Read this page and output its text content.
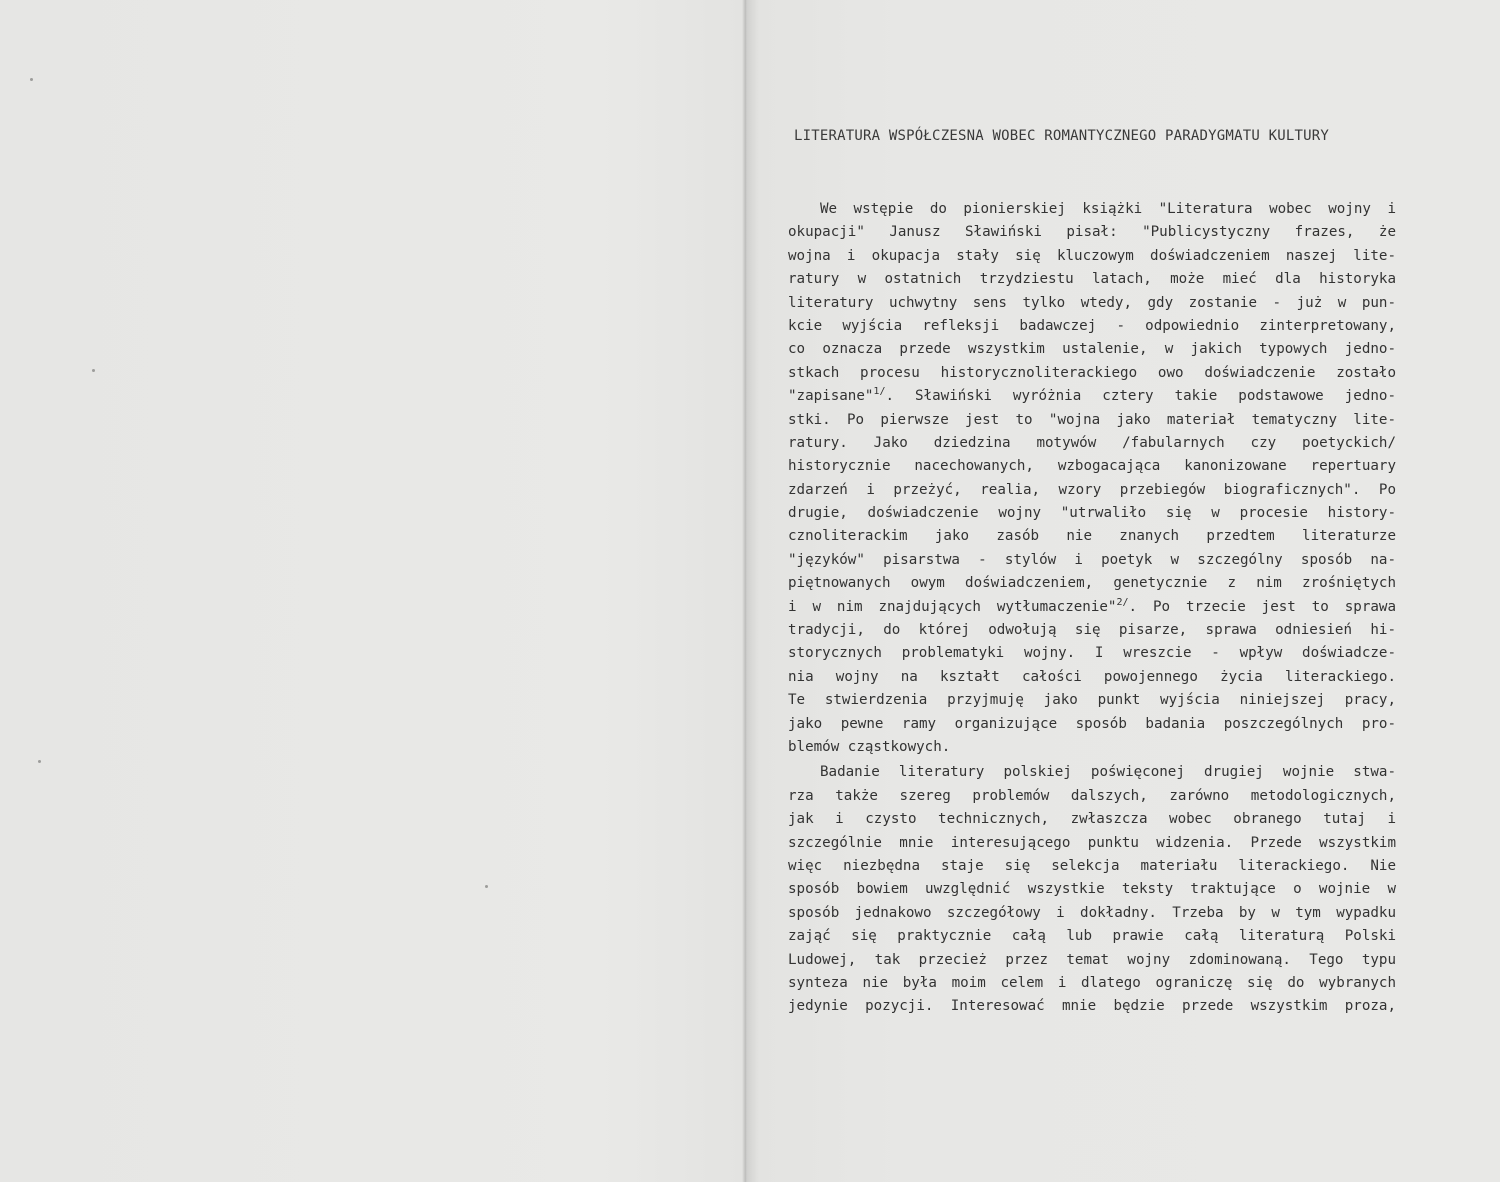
LITERATURA WSPÓŁCZESNA WOBEC ROMANTYCZNEGO PARADYGMATU KULTURY
We wstępie do pionierskiej książki "Literatura wobec wojny i
okupacji" Janusz Sławiński pisał: "Publicystyczny frazes, że
wojna i okupacja stały się kluczowym doświadczeniem naszej lite-
ratury w ostatnich trzydziestu latach, może mieć dla historyka
literatury uchwytny sens tylko wtedy, gdy zostanie - już w pun-
kcie wyjścia refleksji badawczej - odpowiednio zinterpretowany,
co oznacza przede wszystkim ustalenie, w jakich typowych jedno-
stkach procesu historycznoliterackiego owo doświadczenie zostało
"zapisane"$^{1/}$. Sławiński wyróżnia cztery takie podstawowe jedno-
stki. Po pierwsze jest to "wojna jako materiał tematyczny lite-
ratury. Jako dziedzina motywów /fabularnych czy poetyckich/
historycznie nacechowanych, wzbogacająca kanonizowane repertuary
zdarzeń i przeżyć, realia, wzory przebiegów biograficznych". Po
drugie, doświadczenie wojny "utrwaliło się w procesie history-
cznoliterackim jako zasób nie znanych przedtem literaturze
"języków" pisarstwa - stylów i poetyk w szczególny sposób na-
piętnowanych owym doświadczeniem, genetycznie z nim zrośniętych
i w nim znajdujących wytłumaczenie"$^{2/}$. Po trzecie jest to sprawa
tradycji, do której odwołują się pisarze, sprawa odniesień hi-
storycznych problematyki wojny. I wreszcie - wpływ doświadcze-
nia wojny na kształt całości powojennego życia literackiego.
Te stwierdzenia przyjmuję jako punkt wyjścia niniejszej pracy,
jako pewne ramy organizujące sposób badania poszczególnych pro-
blemów cząstkowych.
Badanie literatury polskiej poświęconej drugiej wojnie stwa-
rza także szereg problemów dalszych, zarówno metodologicznych,
jak i czysto technicznych, zwłaszcza wobec obranego tutaj i
szczególnie mnie interesującego punktu widzenia. Przede wszystkim
więc niezbędna staje się selekcja materiału literackiego. Nie
sposób bowiem uwzględnić wszystkie teksty traktujące o wojnie w
sposób jednakowo szczegółowy i dokładny. Trzeba by w tym wypadku
zająć się praktycznie całą lub prawie całą literaturą Polski
Ludowej, tak przecież przez temat wojny zdominowaną. Tego typu
synteza nie była moim celem i dlatego ograniczę się do wybranych
jedynie pozycji. Interesować mnie będzie przede wszystkim proza,
